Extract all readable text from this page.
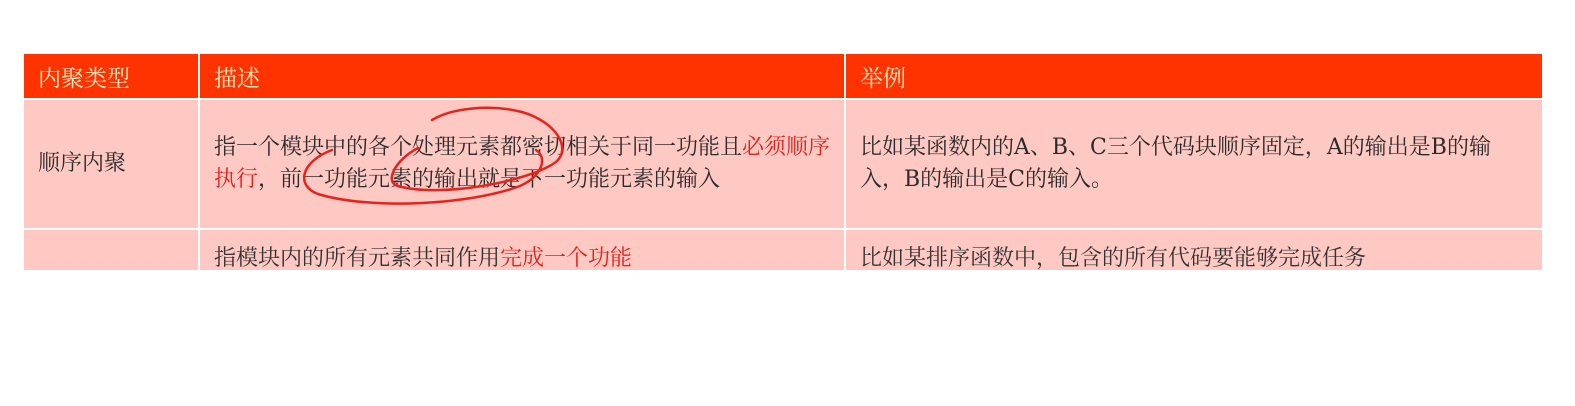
内聚类型	描述	举例
顺序内聚	指一个模块中的各个处理元素都密切相关于同一功能且必须顺序执行，前一功能元素的输出就是下一功能元素的输入	比如某函数内的A、B、C三个代码块顺序固定，A的输出是B的输入，B的输出是C的输入。

	指模块内的所有元素共同作用完成一个功能	比如某排序函数中，包含的所有代码要能够完成任务
